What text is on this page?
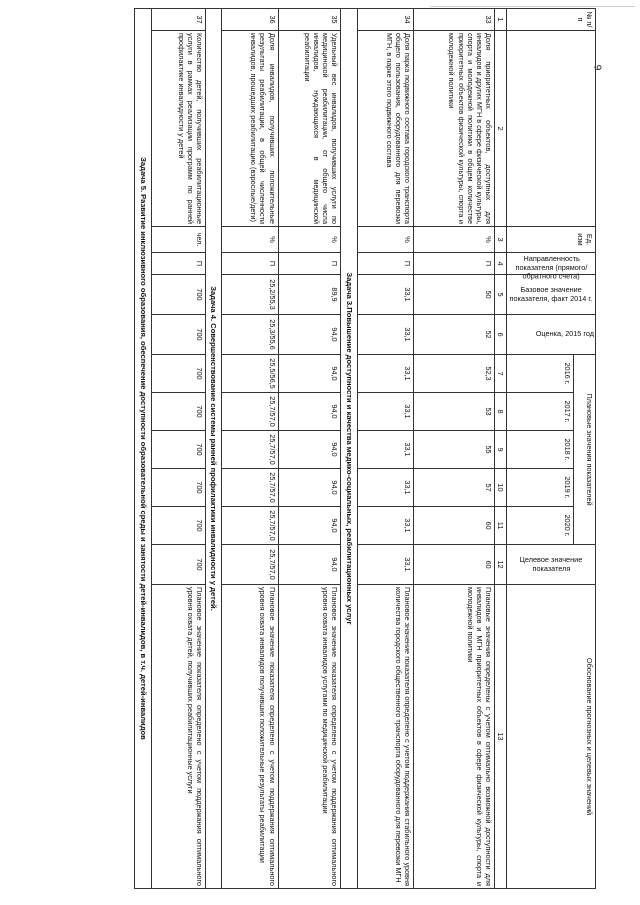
9
№ п/п		Ед. изм	Направленность показателя (прямого/обратного счета)	Базовое значение показателя, факт 2014 г.	Оценка, 2015 год	Плановые значения показателей					Целевое значение показателя	Обоснование прогнозных и целевых значений
						2016 г.	2017 г.	2018 г.	2019 г.	2020 г.		
1	2	3	4	5	6	7	8	9	10	11	12	13
33	Доля приоритетных объектов, доступных для инвалидов и других МГН в сфере физической культуры, спорта и молодежной политики в общем количестве приоритетных объектов физической культуры, спорта и молодежной политики	%	П	50	52	52,3	53	55	57	60	60	Плановые значения определены с учетом оптимально возможной доступности для инвалидов и МГН приоритетных объектов в сфере физической культуры, спорта и молодежной политики
34	Доля парка подвижного состава городского транспорта общего пользования, оборудованного для перевозки МГН, в парке этого подвижного состава	%	П	33,1	33,1	33,1	33,1	33,1	33,1	33,1	33,1	Плановое значение показателя определено с учетом поддержания стабильного уровня количества городского общественного транспорта оборудованного для перевозки МГН
Задача 3.Повышение доступности и качества медико-социальных, реабилитационных услуг												
35	Удельный вес инвалидов, получивших услуги по медицинской реабилитации, от общего числа инвалидов, нуждающихся в медицинской реабилитации	%	П	89,9	94,0	94,0	94,0	94,0	94,0	94,0	94,0	Плановое значение показателя определено с учетом поддержания оптимального уровня охвата инвалидов услугами по медицинской реабилитации
36	Доля инвалидов, получивших положительные результаты реабилитации, в общей численности инвалидов, прошедших реабилитацию (взрослые/дети)	%	П	25,2/55,3	25,3/55,6	25,5/56,5	25,7/57,0	25,7/57,0	25,7/57,0	25,7/57,0	25,7/57,0	Плановое значение показателя определено с учетом поддержания оптимального уровня охвата инвалидов получивших положительные результаты реабилитации
Задача 4. Совершенствование системы ранней профилактики инвалидности у детей.												
37	Количество детей, получивших реабилитационные услуги в рамках реализации программ по ранней профилактике инвалидности у детей	чел.	П	700	700	700	700	700	700	700	700	Плановое значение показателя определено с учетом поддержания оптимального уровня охвата детей, получивших реабилитационные услуги
Задача 5. Развитие инклюзивного образования, обеспечение доступности образовательной среды и занятости детей-инвалидов, в т.ч. детей-инвалидов												
